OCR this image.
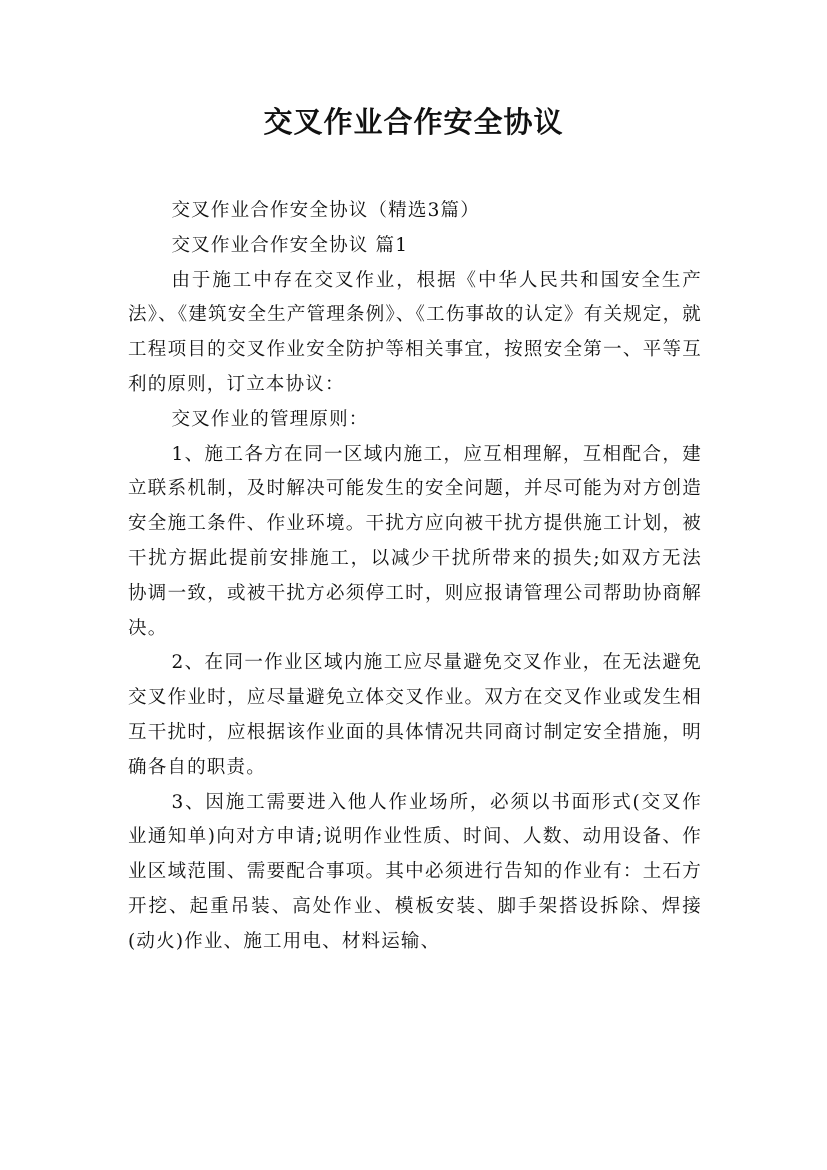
交叉作业合作安全协议

交叉作业合作安全协议（精选3篇）

交叉作业合作安全协议 篇1

由于施工中存在交叉作业，根据《中华人民共和国安全生产法》、《建筑安全生产管理条例》、《工伤事故的认定》有关规定，就工程项目的交叉作业安全防护等相关事宜，按照安全第一、平等互利的原则，订立本协议：

交叉作业的管理原则：

1、施工各方在同一区域内施工，应互相理解，互相配合，建立联系机制，及时解决可能发生的安全问题，并尽可能为对方创造安全施工条件、作业环境。干扰方应向被干扰方提供施工计划，被干扰方据此提前安排施工，以减少干扰所带来的损失;如双方无法协调一致，或被干扰方必须停工时，则应报请管理公司帮助协商解决。

2、在同一作业区域内施工应尽量避免交叉作业，在无法避免交叉作业时，应尽量避免立体交叉作业。双方在交叉作业或发生相互干扰时，应根据该作业面的具体情况共同商讨制定安全措施，明确各自的职责。

3、因施工需要进入他人作业场所，必须以书面形式(交叉作业通知单)向对方申请;说明作业性质、时间、人数、动用设备、作业区域范围、需要配合事项。其中必须进行告知的作业有：土石方开挖、起重吊装、高处作业、模板安装、脚手架搭设拆除、焊接(动火)作业、施工用电、材料运输、
